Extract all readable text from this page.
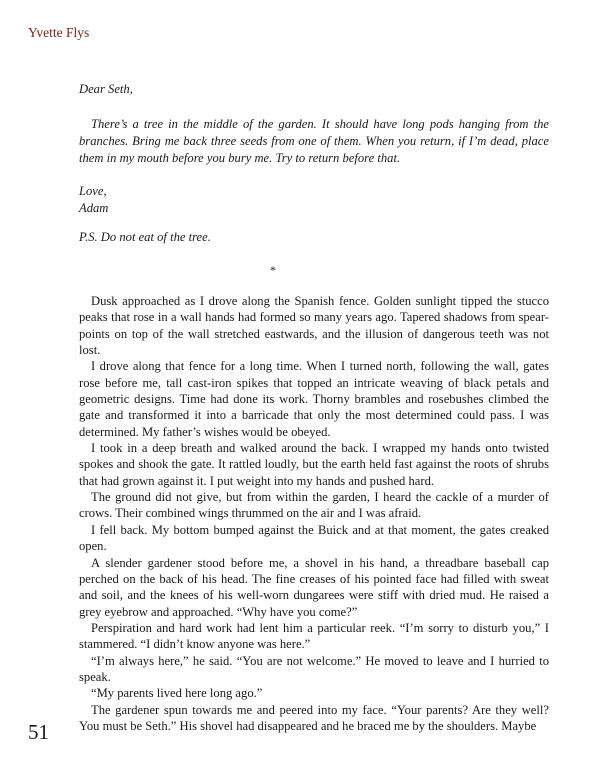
Yvette Flys

Dear Seth,

There’s a tree in the middle of the garden. It should have long pods hanging from the branches. Bring me back three seeds from one of them. When you return, if I’m dead, place them in my mouth before you bury me. Try to return before that.

Love,

Adam

P.S. Do not eat of the tree.

*

Dusk approached as I drove along the Spanish fence. Golden sunlight tipped the stucco peaks that rose in a wall hands had formed so many years ago. Tapered shadows from spear-points on top of the wall stretched eastwards, and the illusion of dangerous teeth was not lost.

I drove along that fence for a long time. When I turned north, following the wall, gates rose before me, tall cast-iron spikes that topped an intricate weaving of black petals and geometric designs. Time had done its work. Thorny brambles and rosebushes climbed the gate and transformed it into a barricade that only the most determined could pass. I was determined. My father’s wishes would be obeyed.

I took in a deep breath and walked around the back. I wrapped my hands onto twisted spokes and shook the gate. It rattled loudly, but the earth held fast against the roots of shrubs that had grown against it. I put weight into my hands and pushed hard.

The ground did not give, but from within the garden, I heard the cackle of a murder of crows. Their combined wings thrummed on the air and I was afraid.

I fell back. My bottom bumped against the Buick and at that moment, the gates creaked open.

A slender gardener stood before me, a shovel in his hand, a threadbare baseball cap perched on the back of his head. The fine creases of his pointed face had filled with sweat and soil, and the knees of his well-worn dungarees were stiff with dried mud. He raised a grey eyebrow and approached. “Why have you come?”

Perspiration and hard work had lent him a particular reek. “I’m sorry to disturb you,” I stammered. “I didn’t know anyone was here.”

“I’m always here,” he said. “You are not welcome.” He moved to leave and I hurried to speak.

“My parents lived here long ago.”

The gardener spun towards me and peered into my face. “Your parents? Are they well? You must be Seth.” His shovel had disappeared and he braced me by the shoulders. Maybe

51
